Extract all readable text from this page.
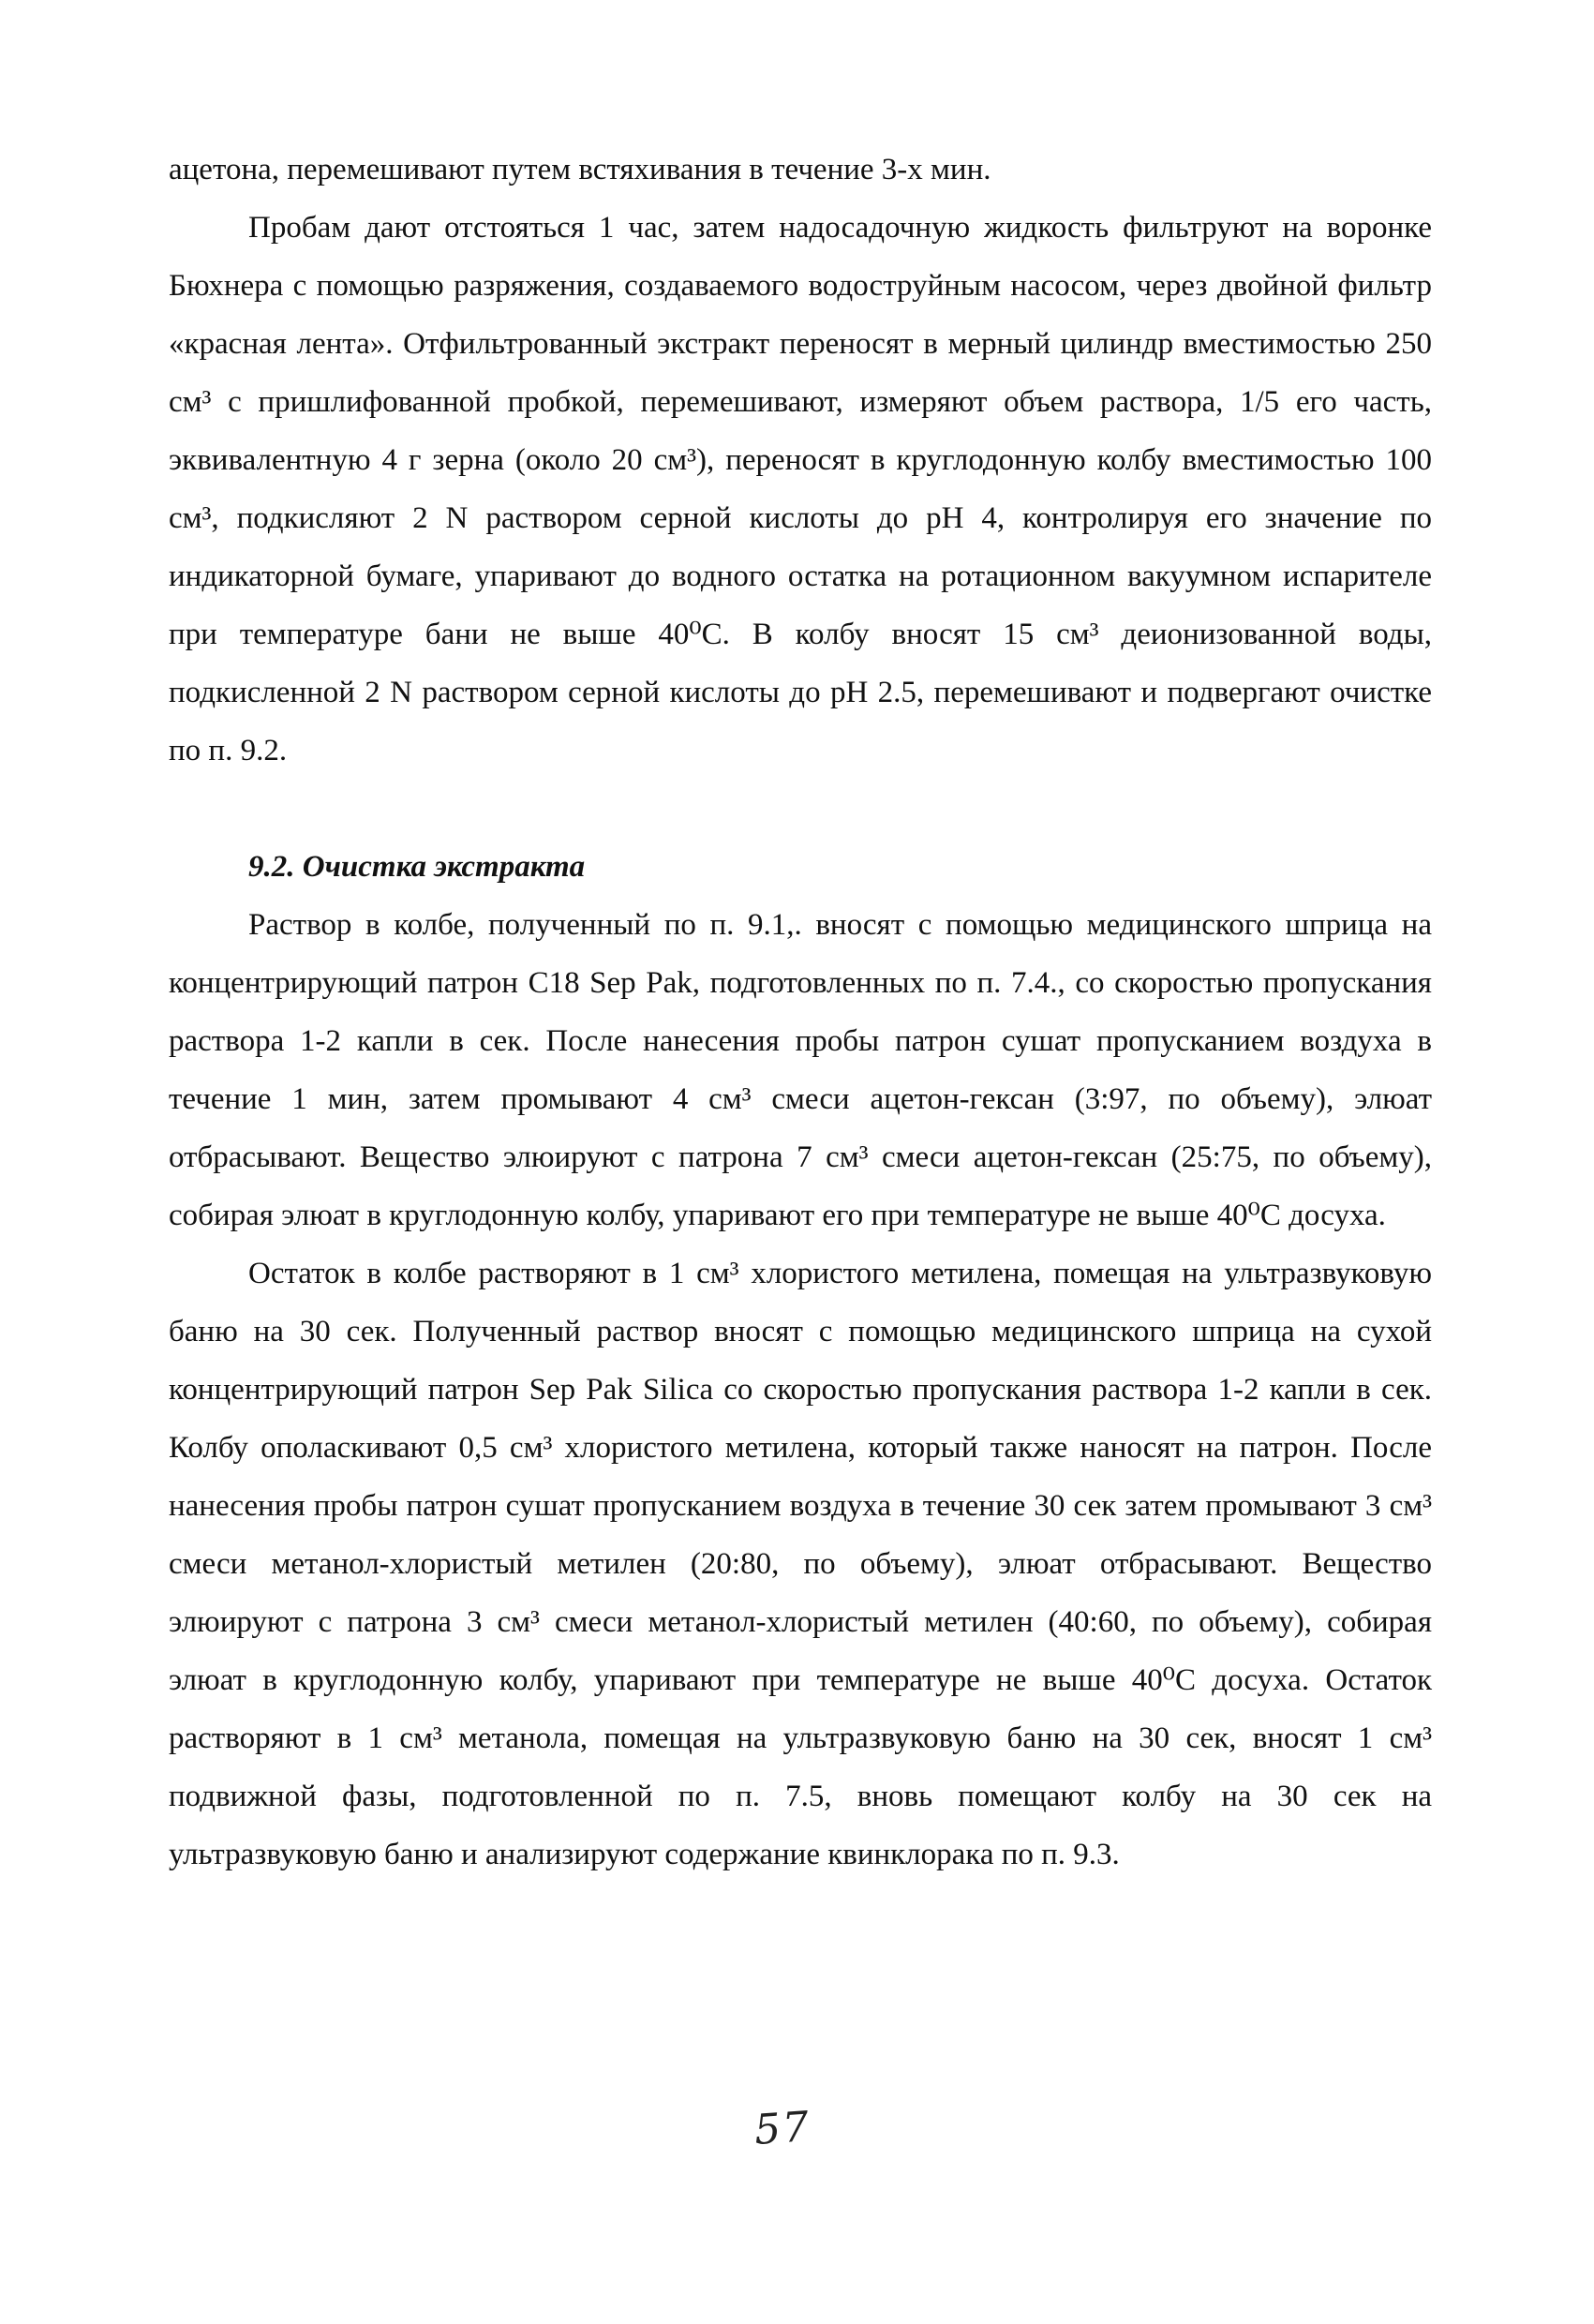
ацетона, перемешивают путем встяхивания в течение 3-х мин.

Пробам дают отстояться 1 час, затем надосадочную жидкость фильтруют на воронке Бюхнера с помощью разряжения, создаваемого водоструйным насосом, через двойной фильтр «красная лента». Отфильтрованный экстракт переносят в мерный цилиндр вместимостью 250 см³ с пришлифованной пробкой, перемешивают, измеряют объем раствора, 1/5 его часть, эквивалентную 4 г зерна (около 20 см³), переносят в круглодонную колбу вместимостью 100 см³, подкисляют 2 N раствором серной кислоты до pH 4, контролируя его значение по индикаторной бумаге, упаривают до водного остатка на ротационном вакуумном испарителе при температуре бани не выше 40⁰С. В колбу вносят 15 см³ деионизованной воды, подкисленной 2 N раствором серной кислоты до pH 2.5, перемешивают и подвергают очистке по п. 9.2.

9.2. Очистка экстракта

Раствор в колбе, полученный по п. 9.1,. вносят с помощью медицинского шприца на концентрирующий патрон С18 Sep Pak, подготовленных по п. 7.4., со скоростью пропускания раствора 1-2 капли в сек. После нанесения пробы патрон сушат пропусканием воздуха в течение 1 мин, затем промывают 4 см³ смеси ацетон-гексан (3:97, по объему), элюат отбрасывают. Вещество элюируют с патрона 7 см³ смеси ацетон-гексан (25:75, по объему), собирая элюат в круглодонную колбу, упаривают его при температуре не выше 40⁰С досуха.

Остаток в колбе растворяют в 1 см³ хлористого метилена, помещая на ультразвуковую баню на 30 сек. Полученный раствор вносят с помощью медицинского шприца на сухой концентрирующий патрон Sep Pak Silica со скоростью пропускания раствора 1-2 капли в сек. Колбу ополаскивают 0,5 см³ хлористого метилена, который также наносят на патрон. После нанесения пробы патрон сушат пропусканием воздуха в течение 30 сек затем промывают 3 см³ смеси метанол-хлористый метилен (20:80, по объему), элюат отбрасывают. Вещество элюируют с патрона 3 см³ смеси метанол-хлористый метилен (40:60, по объему), собирая элюат в круглодонную колбу, упаривают при температуре не выше 40⁰С досуха. Остаток растворяют в 1 см³ метанола, помещая на ультразвуковую баню на 30 сек, вносят 1 см³ подвижной фазы, подготовленной по п. 7.5, вновь помещают колбу на 30 сек на ультразвуковую баню и анализируют содержание квинклорака по п. 9.3.

57
